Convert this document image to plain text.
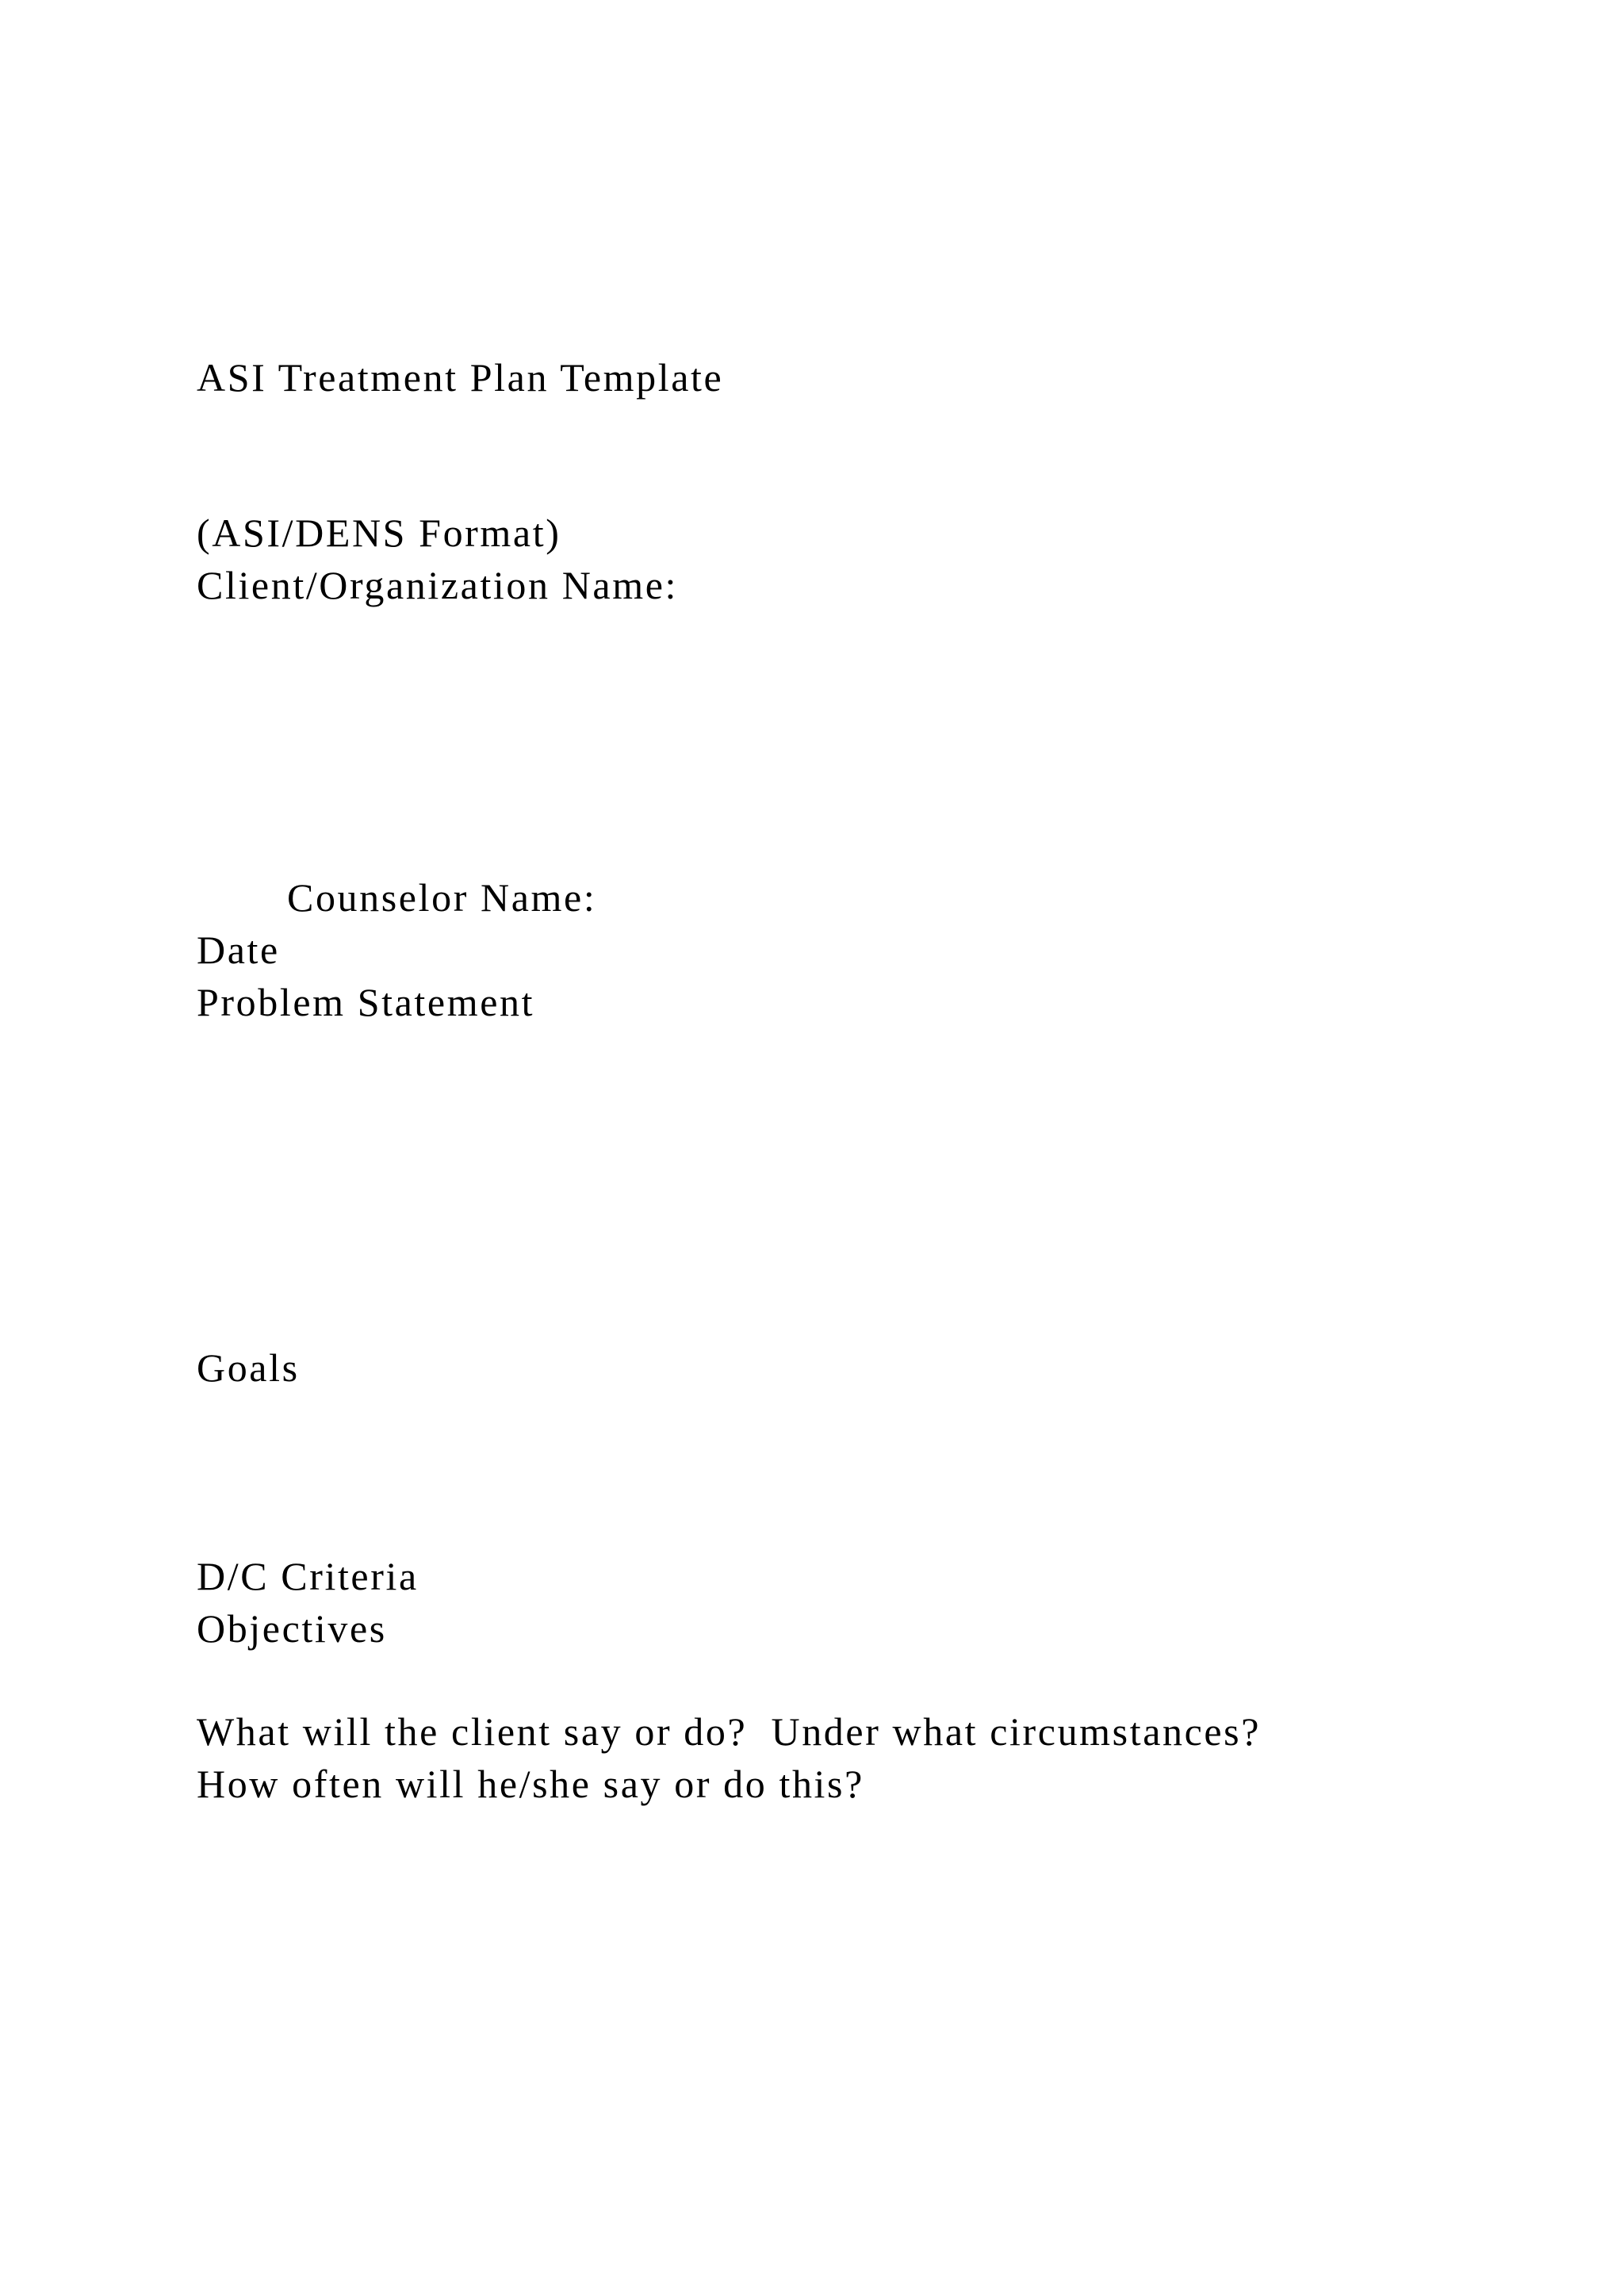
ASI Treatment Plan Template
(ASI/DENS Format)
Client/Organization Name:
Counselor Name:
Date
Problem Statement
Goals
D/C Criteria
Objectives
What will the client say or do?  Under what circumstances?
How often will he/she say or do this?
